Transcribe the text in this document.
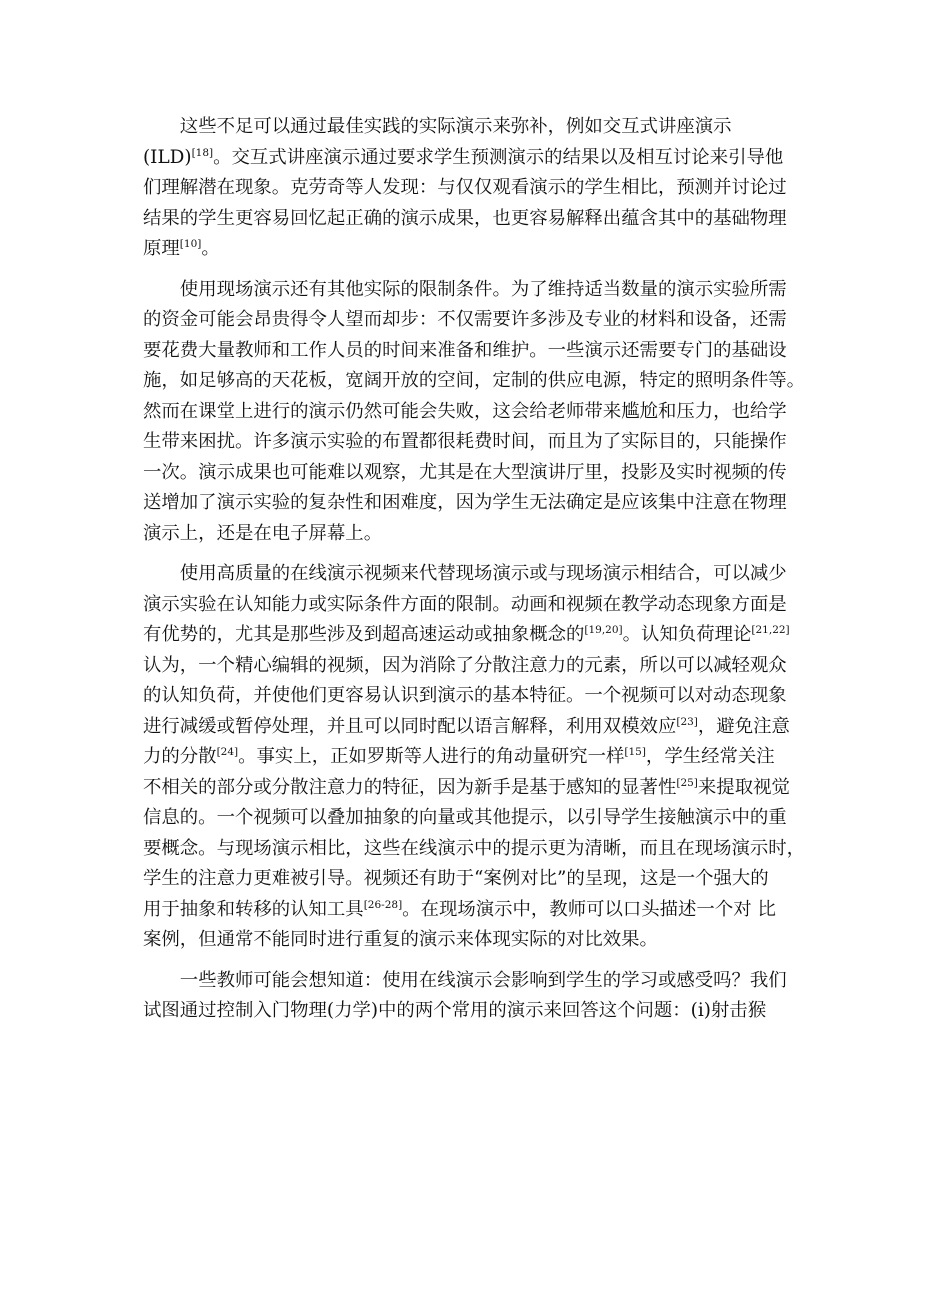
这些不足可以通过最佳实践的实际演示来弥补，例如交互式讲座演示
(ILD)[18]。交互式讲座演示通过要求学生预测演示的结果以及相互讨论来引导他
们理解潜在现象。克劳奇等人发现：与仅仅观看演示的学生相比，预测并讨论过
结果的学生更容易回忆起正确的演示成果，也更容易解释出蕴含其中的基础物理
原理[10]。

使用现场演示还有其他实际的限制条件。为了维持适当数量的演示实验所需
的资金可能会昂贵得令人望而却步：不仅需要许多涉及专业的材料和设备，还需
要花费大量教师和工作人员的时间来准备和维护。一些演示还需要专门的基础设
施，如足够高的天花板，宽阔开放的空间，定制的供应电源，特定的照明条件等。
然而在课堂上进行的演示仍然可能会失败，这会给老师带来尴尬和压力，也给学
生带来困扰。许多演示实验的布置都很耗费时间，而且为了实际目的，只能操作
一次。演示成果也可能难以观察，尤其是在大型演讲厅里，投影及实时视频的传
送增加了演示实验的复杂性和困难度，因为学生无法确定是应该集中注意在物理
演示上，还是在电子屏幕上。

使用高质量的在线演示视频来代替现场演示或与现场演示相结合，可以减少
演示实验在认知能力或实际条件方面的限制。动画和视频在教学动态现象方面是
有优势的，尤其是那些涉及到超高速运动或抽象概念的[19,20]。认知负荷理论[21,22]
认为，一个精心编辑的视频，因为消除了分散注意力的元素，所以可以减轻观众
的认知负荷，并使他们更容易认识到演示的基本特征。一个视频可以对动态现象
进行减缓或暂停处理，并且可以同时配以语言解释，利用双模效应[23]，避免注意
力的分散[24]。事实上，正如罗斯等人进行的角动量研究一样[15]，学生经常关注
不相关的部分或分散注意力的特征，因为新手是基于感知的显著性[25]来提取视觉
信息的。一个视频可以叠加抽象的向量或其他提示，以引导学生接触演示中的重
要概念。与现场演示相比，这些在线演示中的提示更为清晰，而且在现场演示时，
学生的注意力更难被引导。视频还有助于“案例对比”的呈现，这是一个强大的
用于抽象和转移的认知工具[26-28]。在现场演示中，教师可以口头描述一个对 比
案例，但通常不能同时进行重复的演示来体现实际的对比效果。

一些教师可能会想知道：使用在线演示会影响到学生的学习或感受吗？我们
试图通过控制入门物理(力学)中的两个常用的演示来回答这个问题：(i)射击猴
